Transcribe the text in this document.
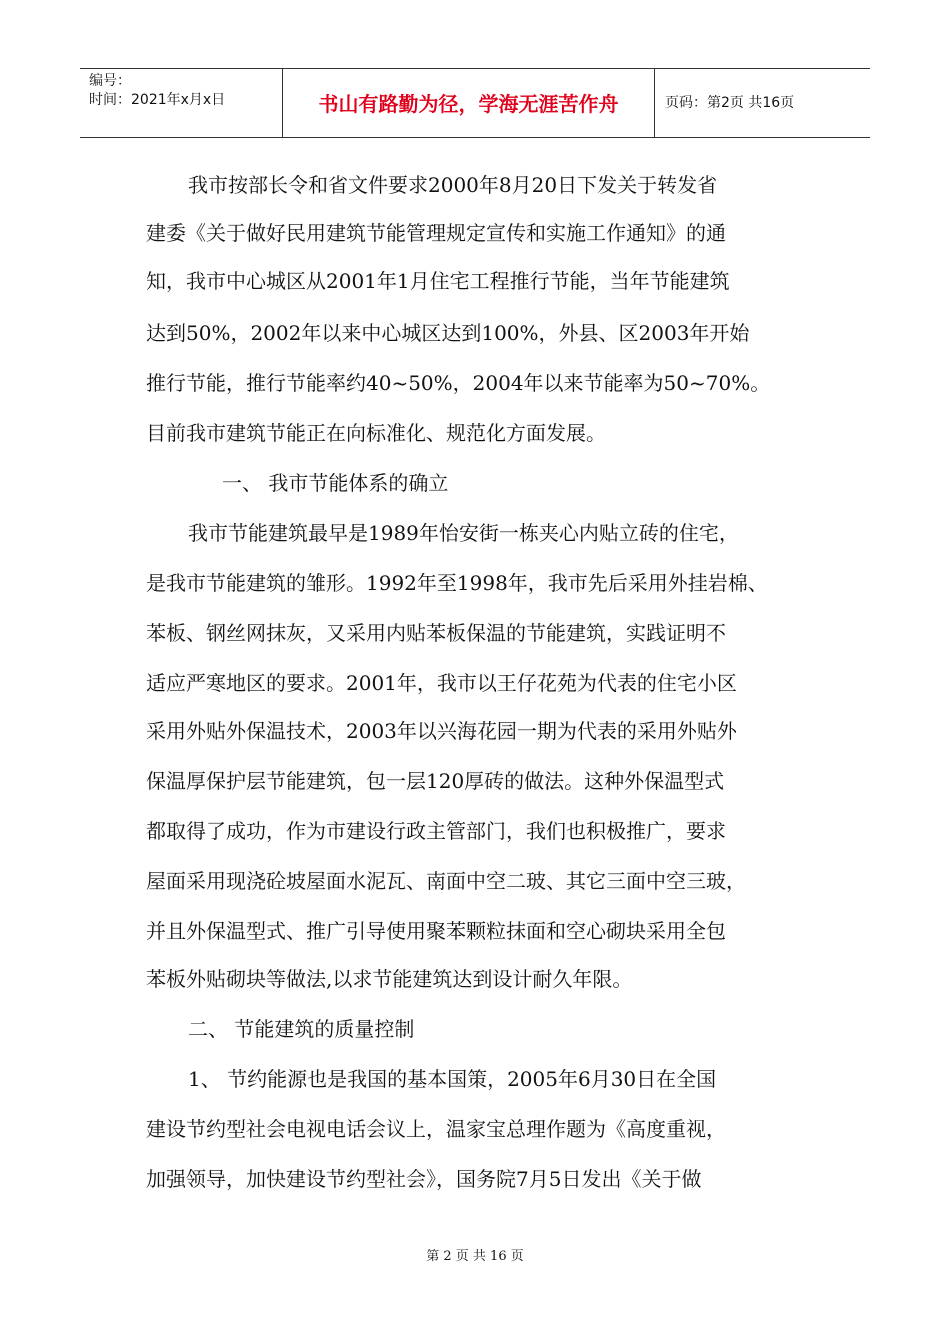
编号：
时间：2021年x月x日	书山有路勤为径，学海无涯苦作舟	页码：第2页 共16页
我市按部长令和省文件要求2000年8月20日下发关于转发省
建委《关于做好民用建筑节能管理规定宣传和实施工作通知》的通
知，我市中心城区从2001年1月住宅工程推行节能，当年节能建筑
达到50%，2002年以来中心城区达到100%，外县、区2003年开始
推行节能，推行节能率约40~50%，2004年以来节能率为50~70%。
目前我市建筑节能正在向标准化、规范化方面发展。
一、 我市节能体系的确立
我市节能建筑最早是1989年怡安街一栋夹心内贴立砖的住宅，
是我市节能建筑的雏形。1992年至1998年，我市先后采用外挂岩棉、
苯板、钢丝网抹灰，又采用内贴苯板保温的节能建筑，实践证明不
适应严寒地区的要求。2001年，我市以王仔花苑为代表的住宅小区
采用外贴外保温技术，2003年以兴海花园一期为代表的采用外贴外
保温厚保护层节能建筑，包一层120厚砖的做法。这种外保温型式
都取得了成功，作为市建设行政主管部门，我们也积极推广，要求
屋面采用现浇砼坡屋面水泥瓦、南面中空二玻、其它三面中空三玻，
并且外保温型式、推广引导使用聚苯颗粒抹面和空心砌块采用全包
苯板外贴砌块等做法,以求节能建筑达到设计耐久年限。
二、 节能建筑的质量控制
1、 节约能源也是我国的基本国策，2005年6月30日在全国
建设节约型社会电视电话会议上，温家宝总理作题为《高度重视，
加强领导，加快建设节约型社会》，国务院7月5日发出《关于做
第 2 页 共 16 页
